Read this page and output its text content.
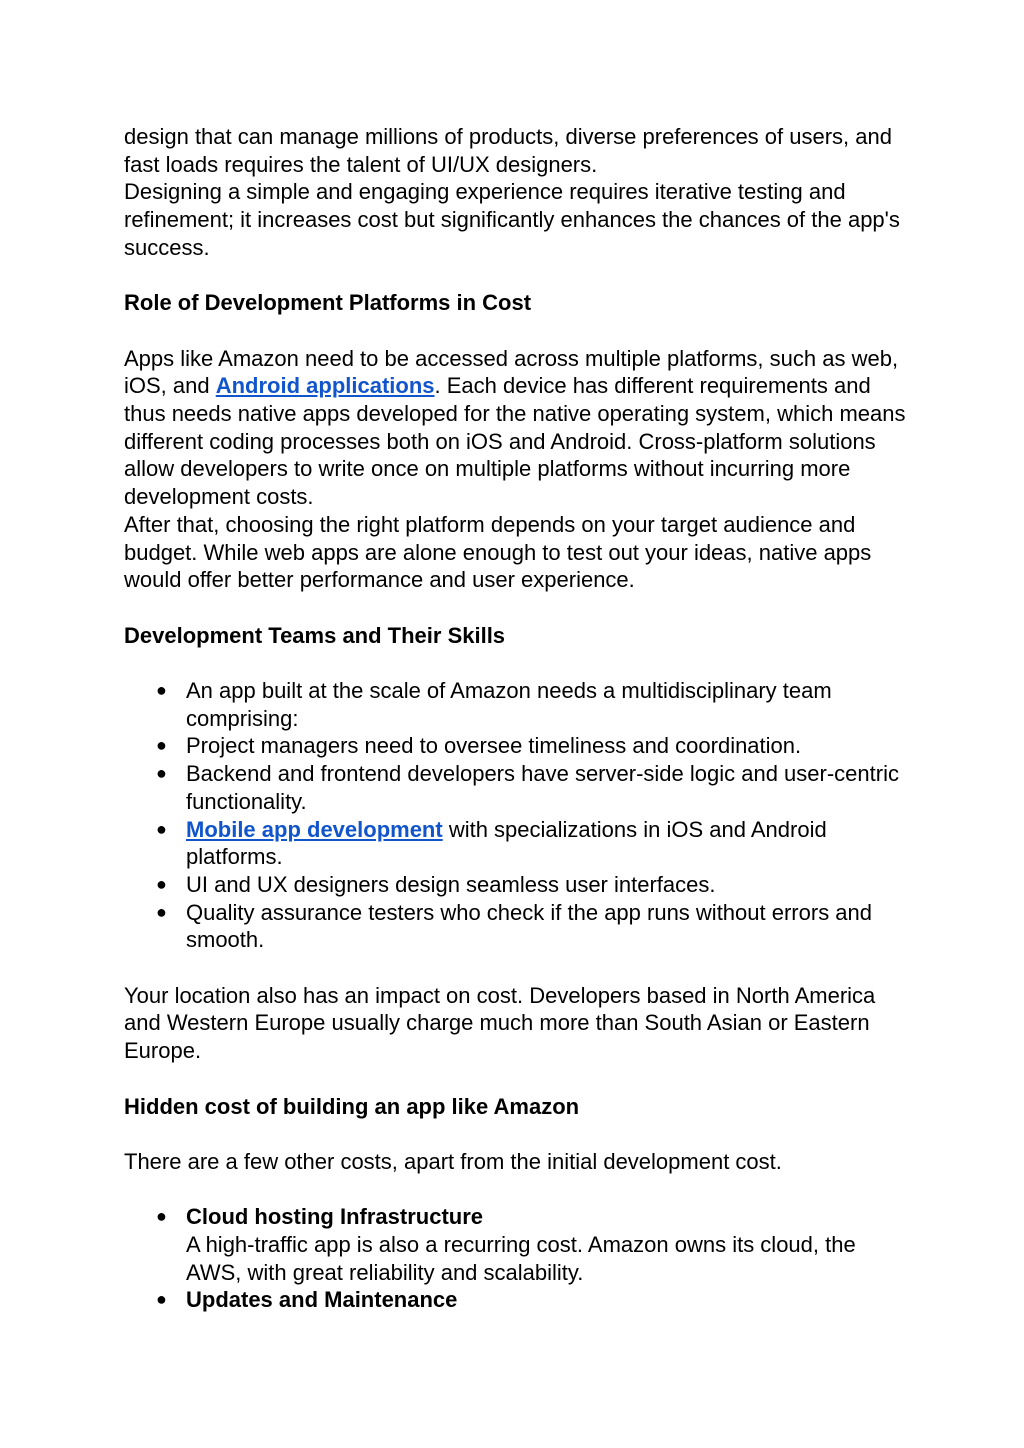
design that can manage millions of products, diverse preferences of users, and fast loads requires the talent of UI/UX designers.
Designing a simple and engaging experience requires iterative testing and refinement; it increases cost but significantly enhances the chances of the app's success.

Role of Development Platforms in Cost

Apps like Amazon need to be accessed across multiple platforms, such as web, iOS, and Android applications. Each device has different requirements and thus needs native apps developed for the native operating system, which means different coding processes both on iOS and Android. Cross-platform solutions allow developers to write once on multiple platforms without incurring more development costs.
After that, choosing the right platform depends on your target audience and budget. While web apps are alone enough to test out your ideas, native apps would offer better performance and user experience.

Development Teams and Their Skills

● An app built at the scale of Amazon needs a multidisciplinary team comprising:
● Project managers need to oversee timeliness and coordination.
● Backend and frontend developers have server-side logic and user-centric functionality.
● Mobile app development with specializations in iOS and Android platforms.
● UI and UX designers design seamless user interfaces.
● Quality assurance testers who check if the app runs without errors and smooth.

Your location also has an impact on cost. Developers based in North America and Western Europe usually charge much more than South Asian or Eastern Europe.

Hidden cost of building an app like Amazon

There are a few other costs, apart from the initial development cost.

● Cloud hosting Infrastructure
A high-traffic app is also a recurring cost. Amazon owns its cloud, the AWS, with great reliability and scalability.
● Updates and Maintenance
